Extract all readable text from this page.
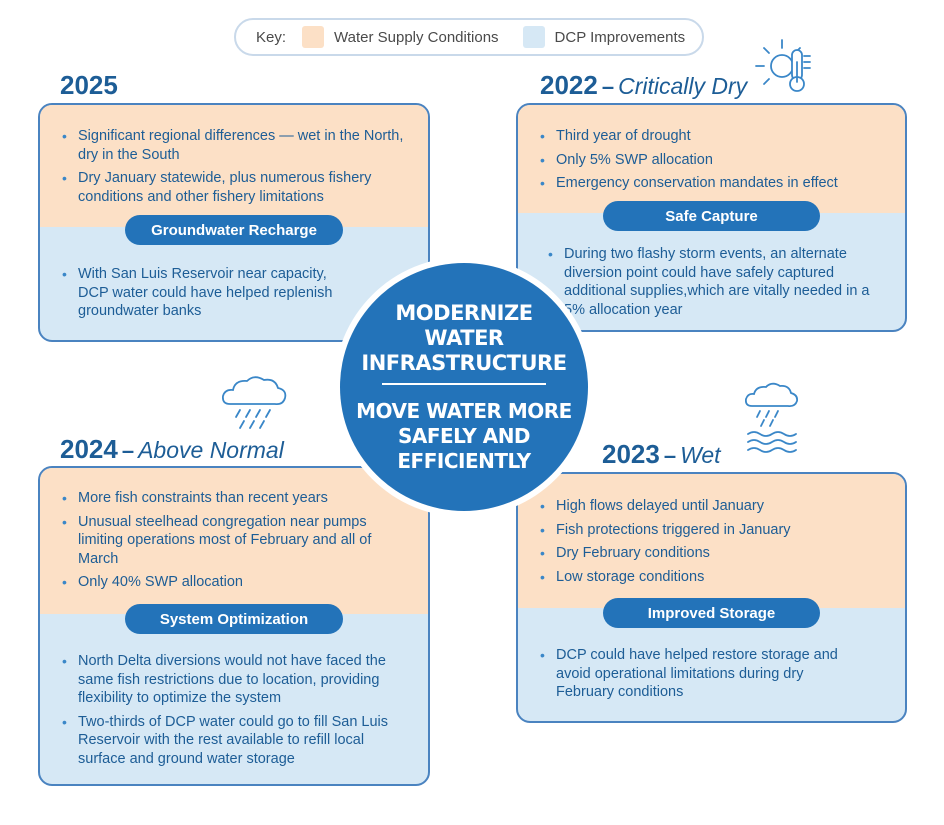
Key:	Water Supply Conditions	DCP Improvements
2025
• Significant regional differences — wet in the North, dry in the South
• Dry January statewide, plus numerous fishery conditions and other fishery limitations
• With San Luis Reservoir near capacity, DCP water could have helped replenish groundwater banks
Groundwater Recharge
2022 – Critically Dry
• Third year of drought
• Only 5% SWP allocation
• Emergency conservation mandates in effect
• During two flashy storm events, an alternate diversion point could have safely captured additional supplies,which are vitally needed in a 5% allocation year
Safe Capture
MODERNIZE WATER INFRASTRUCTURE
MOVE WATER MORE SAFELY AND EFFICIENTLY
2024 – Above Normal
• More fish constraints than recent years
• Unusual steelhead congregation near pumps limiting operations most of February and all of March
• Only 40% SWP allocation
• North Delta diversions would not have faced the same fish restrictions due to location, providing flexibility to optimize the system
• Two-thirds of DCP water could go to fill San Luis Reservoir with the rest available to refill local surface and ground water storage
System Optimization
2023 – Wet
• High flows delayed until January
• Fish protections triggered in January
• Dry February conditions
• Low storage conditions
• DCP could have helped restore storage and avoid operational limitations during dry February conditions
Improved Storage
